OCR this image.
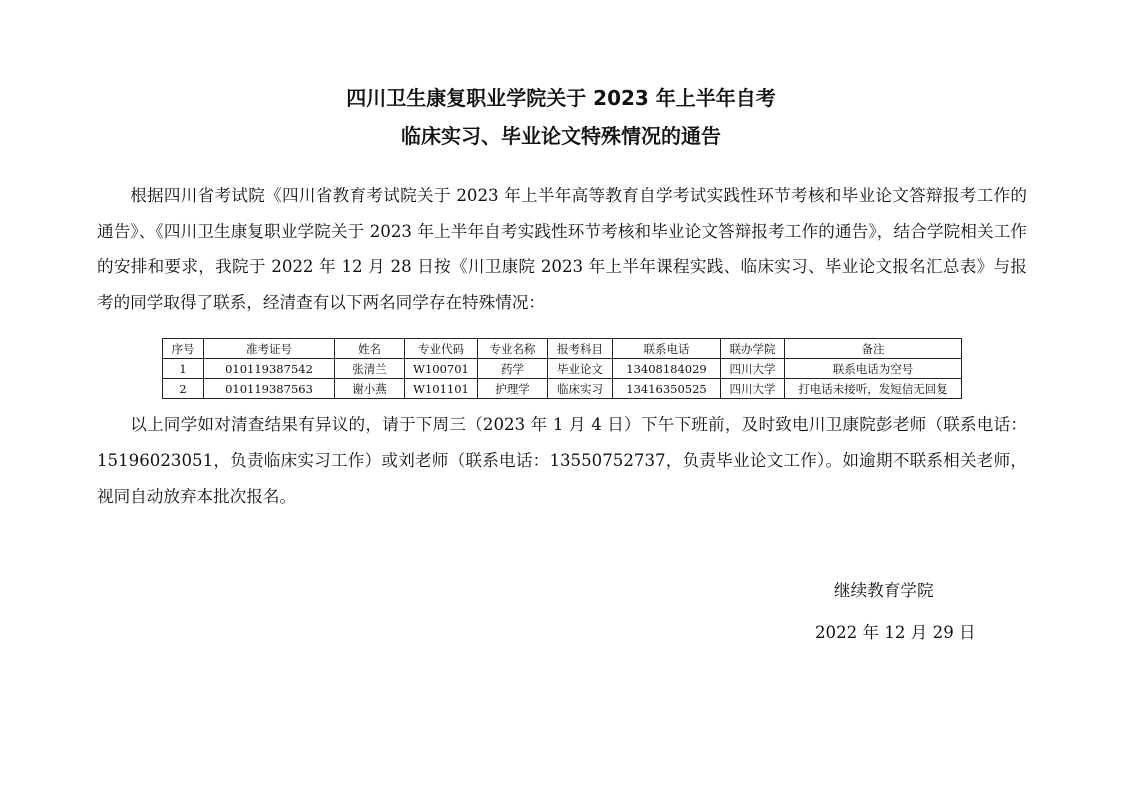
四川卫生康复职业学院关于 2023 年上半年自考
临床实习、毕业论文特殊情况的通告
根据四川省考试院《四川省教育考试院关于 2023 年上半年高等教育自学考试实践性环节考核和毕业论文答辩报考工作的通告》、《四川卫生康复职业学院关于 2023 年上半年自考实践性环节考核和毕业论文答辩报考工作的通告》，结合学院相关工作的安排和要求，我院于 2022 年 12 月 28 日按《川卫康院 2023 年上半年课程实践、临床实习、毕业论文报名汇总表》与报考的同学取得了联系，经清查有以下两名同学存在特殊情况：
序号	准考证号	姓名	专业代码	专业名称	报考科目	联系电话	联办学院	备注
1	010119387542	张清兰	W100701	药学	毕业论文	13408184029	四川大学	联系电话为空号
2	010119387563	谢小燕	W101101	护理学	临床实习	13416350525	四川大学	打电话未接听，发短信无回复
以上同学如对清查结果有异议的，请于下周三（2023 年 1 月 4 日）下午下班前，及时致电川卫康院彭老师（联系电话：15196023051，负责临床实习工作）或刘老师（联系电话：13550752737，负责毕业论文工作）。如逾期不联系相关老师，视同自动放弃本批次报名。
继续教育学院
2022 年 12 月 29 日
